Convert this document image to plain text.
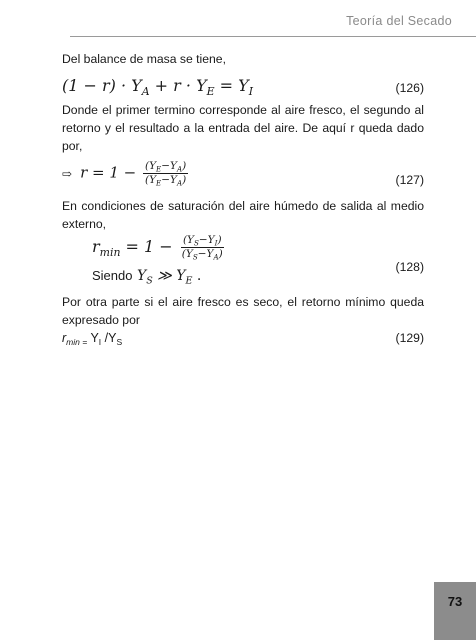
Teoría del Secado
Del balance de masa se tiene,
$(1 - r) \cdot Y_A + r \cdot Y_E = Y_I$	(126)
Donde el primer termino corresponde al aire fresco, el segundo al retorno y el resultado a la entrada del aire. De aquí r queda dado por,
⇨ $r = 1 - \frac{(Y_E-Y_A)}{(Y_E-Y_A)}$	(127)
En condiciones de saturación del aire húmedo de salida al medio externo,
$r_{min} = 1 - \frac{(Y_S-Y_I)}{(Y_S-Y_A)}$
Siendo $Y_S$ ≫ $Y_E$ .
(128)
Por otra parte si el aire fresco es seco, el retorno mínimo queda expresado por
$r_{min =}$ $Y_I$ $/Y_S$	(129)
73
